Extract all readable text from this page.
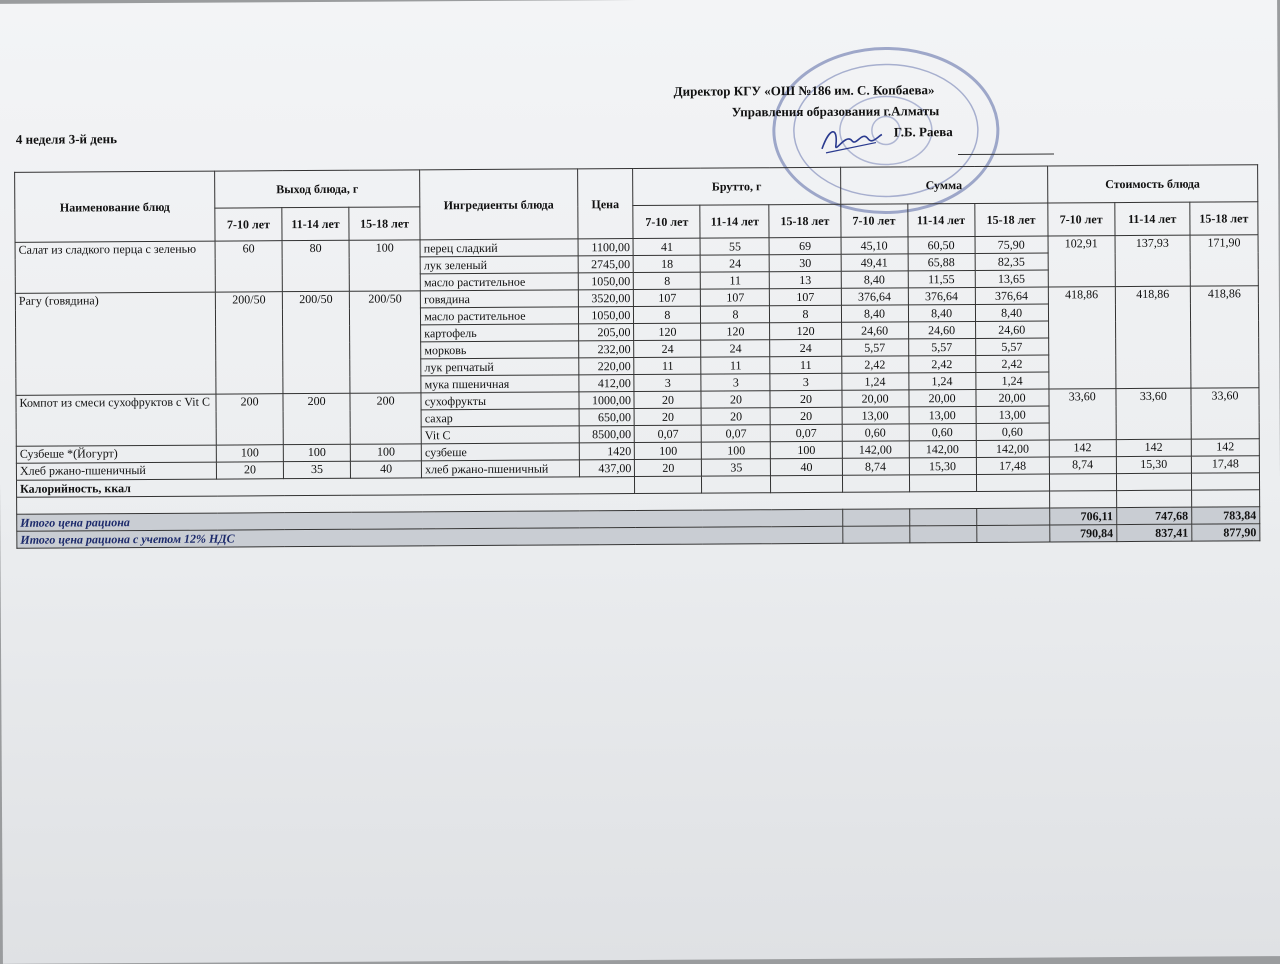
Директор КГУ «ОШ №186 им. С. Копбаева»
Управления образования г.Алматы
Г.Б. Раева
4 неделя 3-й день
Наименование блюд	Выход блюда, г			Ингредиенты блюда	Цена	Брутто, г			Сумма			Стоимость блюда		
	7-10 лет	11-14 лет	15-18 лет			7-10 лет	11-14 лет	15-18 лет	7-10 лет	11-14 лет	15-18 лет	7-10 лет	11-14 лет	15-18 лет
Салат из сладкого перца с зеленью	60	80	100	перец сладкий	1100,00	41	55	69	45,10	60,50	75,90	102,91	137,93	171,90
				лук зеленый	2745,00	18	24	30	49,41	65,88	82,35			
				масло растительное	1050,00	8	11	13	8,40	11,55	13,65			
Рагу (говядина)	200/50	200/50	200/50	говядина	3520,00	107	107	107	376,64	376,64	376,64	418,86	418,86	418,86
				масло растительное	1050,00	8	8	8	8,40	8,40	8,40			
				картофель	205,00	120	120	120	24,60	24,60	24,60			
				морковь	232,00	24	24	24	5,57	5,57	5,57			
				лук репчатый	220,00	11	11	11	2,42	2,42	2,42			
				мука пшеничная	412,00	3	3	3	1,24	1,24	1,24			
Компот из смеси сухофруктов с Vit C	200	200	200	сухофрукты	1000,00	20	20	20	20,00	20,00	20,00	33,60	33,60	33,60
				сахар	650,00	20	20	20	13,00	13,00	13,00			
				Vit C	8500,00	0,07	0,07	0,07	0,60	0,60	0,60			
Сузбеше *(Йогурт)	100	100	100	сузбеше	1420	100	100	100	142,00	142,00	142,00	142	142	142
Хлеб ржано-пшеничный	20	35	40	хлеб ржано-пшеничный	437,00	20	35	40	8,74	15,30	17,48	8,74	15,30	17,48
Калорийность, ккал														

Итого цена рациона												706,11	747,68	783,84
Итого цена рациона с учетом 12% НДС												790,84	837,41	877,90
